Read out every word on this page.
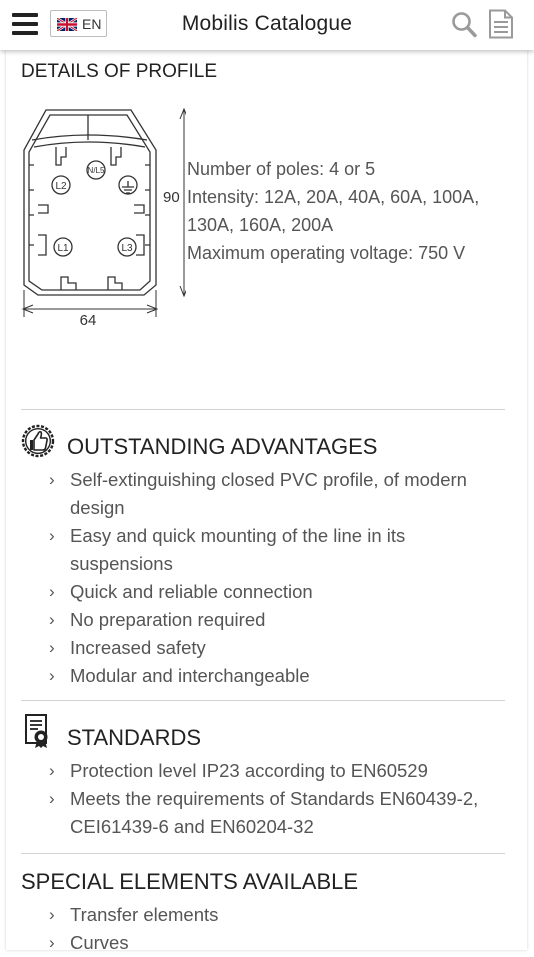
EN	Mobilis Catalogue
DETAILS OF PROFILE
N/L5
L2
L1	L3
90
64
Number of poles: 4 or 5
Intensity: 12A, 20A, 40A, 60A, 100A,
130A, 160A, 200A
Maximum operating voltage: 750 V
OUTSTANDING ADVANTAGES
› Self-extinguishing closed PVC profile, of modern design
› Easy and quick mounting of the line in its suspensions
› Quick and reliable connection
› No preparation required
› Increased safety
› Modular and interchangeable
STANDARDS
› Protection level IP23 according to EN60529
› Meets the requirements of Standards EN60439-2, CEI61439-6 and EN60204-32
SPECIAL ELEMENTS AVAILABLE
› Transfer elements
› Curves
